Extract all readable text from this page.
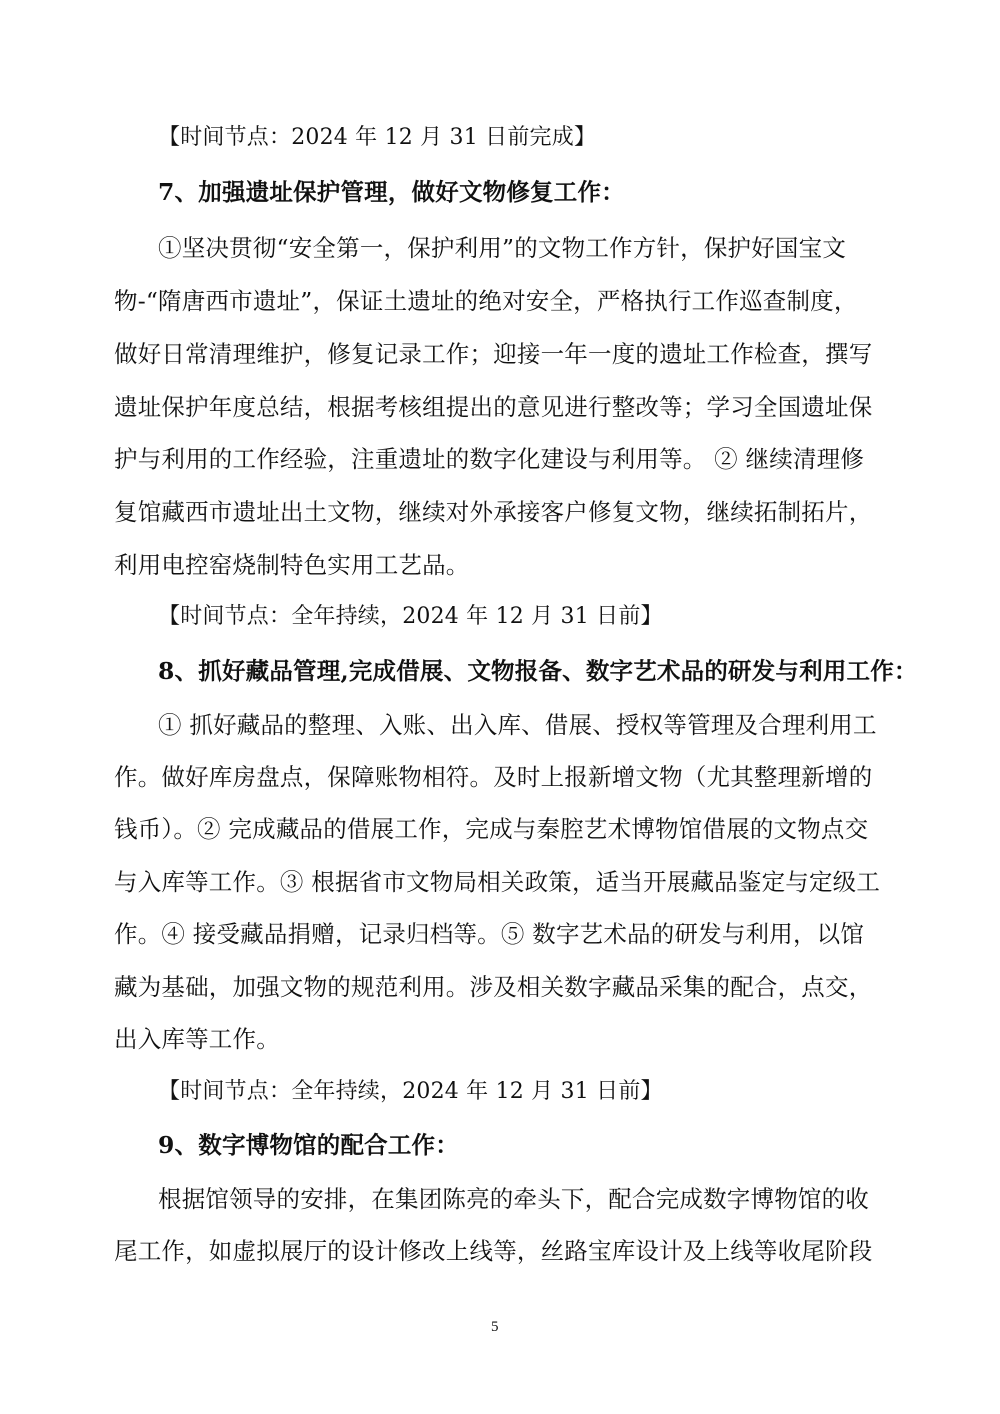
【时间节点：2024 年 12 月 31 日前完成】
7、加强遗址保护管理，做好文物修复工作：
①坚决贯彻“安全第一，保护利用”的文物工作方针，保护好国宝文
物-“隋唐西市遗址”，保证土遗址的绝对安全，严格执行工作巡查制度，
做好日常清理维护，修复记录工作；迎接一年一度的遗址工作检查，撰写
遗址保护年度总结，根据考核组提出的意见进行整改等；学习全国遗址保
护与利用的工作经验，注重遗址的数字化建设与利用等。 ② 继续清理修
复馆藏西市遗址出土文物，继续对外承接客户修复文物，继续拓制拓片，
利用电控窑烧制特色实用工艺品。
【时间节点：全年持续，2024 年 12 月 31 日前】
8、抓好藏品管理,完成借展、文物报备、数字艺术品的研发与利用工作：
① 抓好藏品的整理、入账、出入库、借展、授权等管理及合理利用工
作。做好库房盘点，保障账物相符。及时上报新增文物（尤其整理新增的
钱币）。② 完成藏品的借展工作，完成与秦腔艺术博物馆借展的文物点交
与入库等工作。③ 根据省市文物局相关政策，适当开展藏品鉴定与定级工
作。④ 接受藏品捐赠，记录归档等。⑤ 数字艺术品的研发与利用，以馆
藏为基础，加强文物的规范利用。涉及相关数字藏品采集的配合，点交，
出入库等工作。
【时间节点：全年持续，2024 年 12 月 31 日前】
9、数字博物馆的配合工作：
根据馆领导的安排，在集团陈亮的牵头下，配合完成数字博物馆的收
尾工作，如虚拟展厅的设计修改上线等，丝路宝库设计及上线等收尾阶段
5
